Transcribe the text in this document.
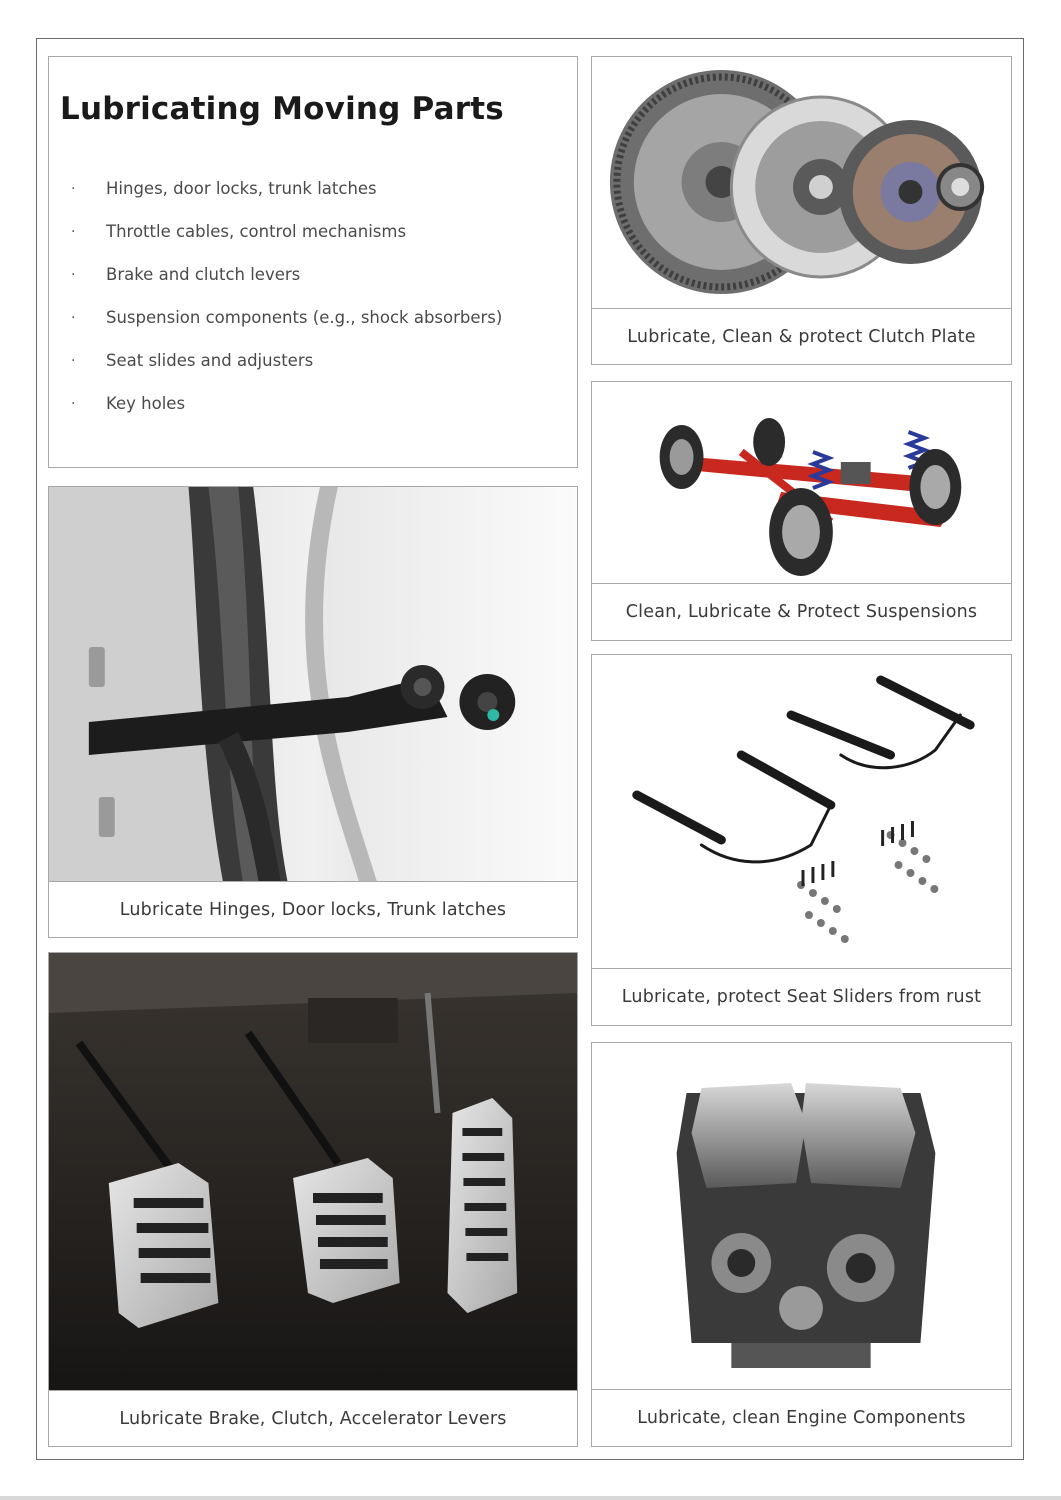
Lubricating Moving Parts
· Hinges, door locks, trunk latches
· Throttle cables, control mechanisms
· Brake and clutch levers
· Suspension components (e.g., shock absorbers)
· Seat slides and adjusters
· Key holes
Lubricate Hinges, Door locks, Trunk latches
Lubricate Brake, Clutch, Accelerator Levers
Lubricate, Clean & protect Clutch Plate
Clean, Lubricate & Protect Suspensions
Lubricate, protect Seat Sliders from rust
Lubricate, clean Engine Components
